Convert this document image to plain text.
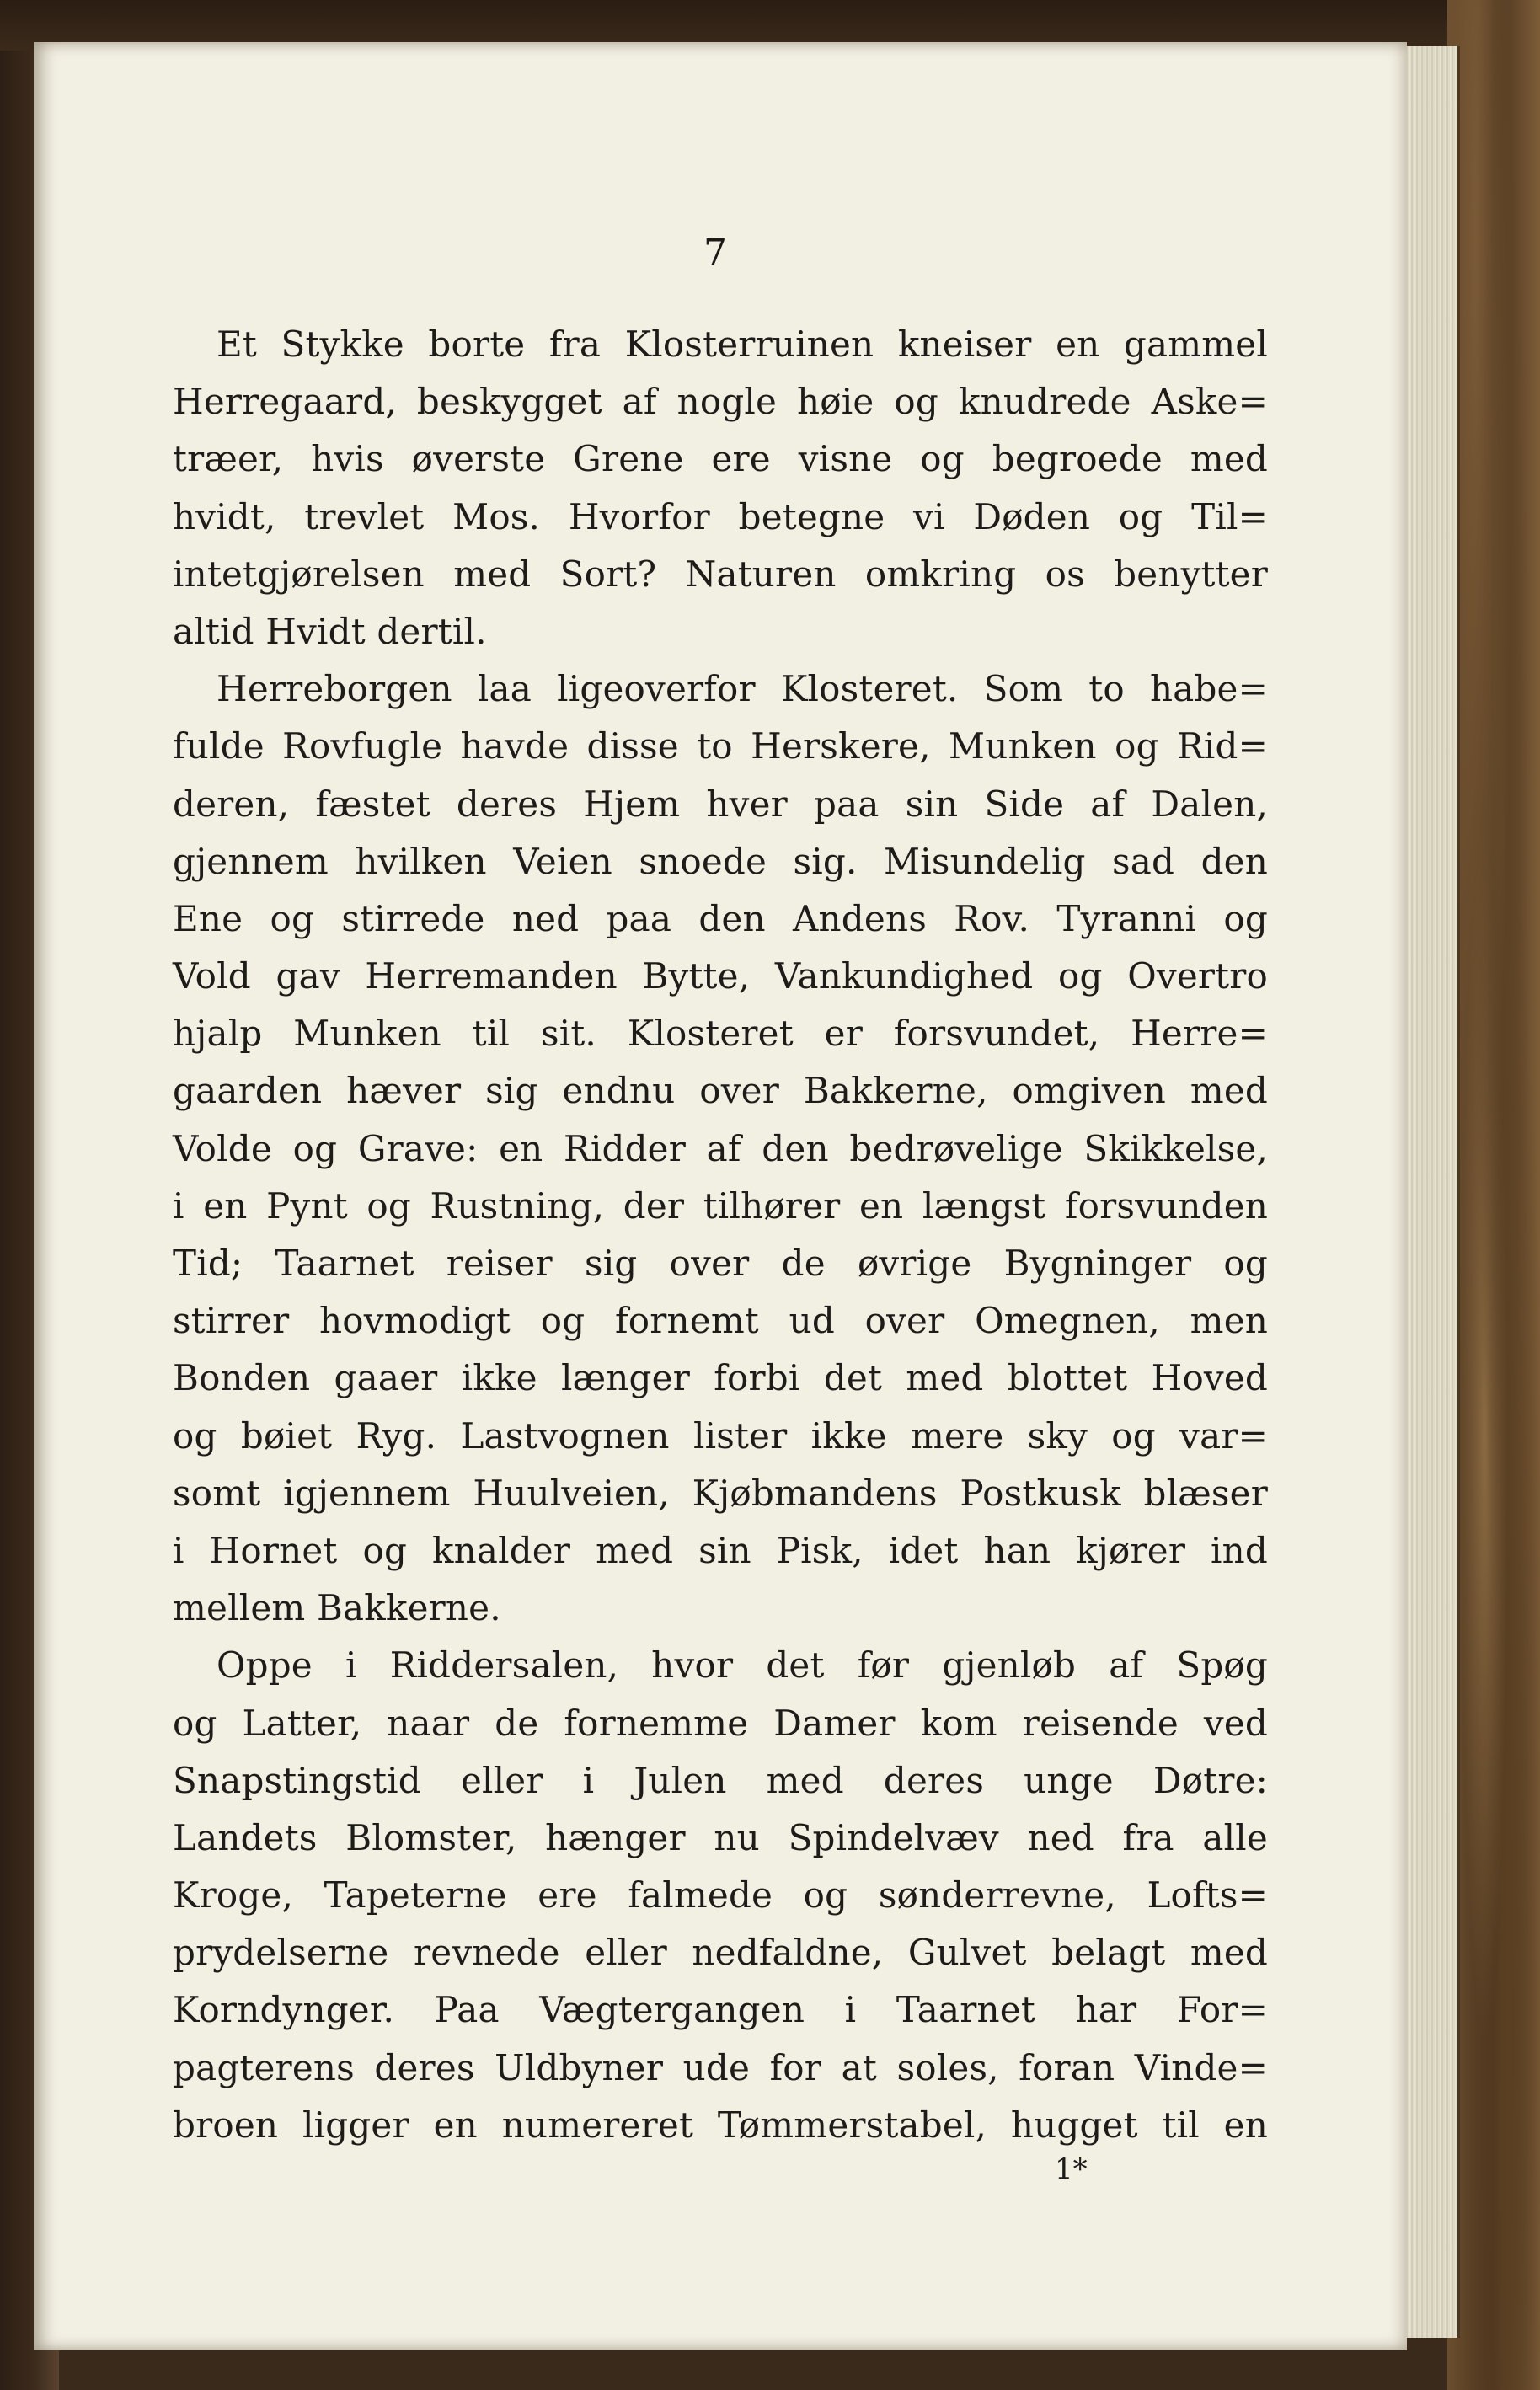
7
Et Stykke borte fra Klosterruinen kneiser en gammel
Herregaard, beskygget af nogle høie og knudrede Aske=
træer, hvis øverste Grene ere visne og begroede med
hvidt, trevlet Mos. Hvorfor betegne vi Døden og Til=
intetgjørelsen med Sort? Naturen omkring os benytter
altid Hvidt dertil.
Herreborgen laa ligeoverfor Klosteret. Som to habe=
fulde Rovfugle havde disse to Herskere, Munken og Rid=
deren, fæstet deres Hjem hver paa sin Side af Dalen,
gjennem hvilken Veien snoede sig. Misundelig sad den
Ene og stirrede ned paa den Andens Rov. Tyranni og
Vold gav Herremanden Bytte, Vankundighed og Overtro
hjalp Munken til sit. Klosteret er forsvundet, Herre=
gaarden hæver sig endnu over Bakkerne, omgiven med
Volde og Grave: en Ridder af den bedrøvelige Skikkelse,
i en Pynt og Rustning, der tilhører en længst forsvunden
Tid; Taarnet reiser sig over de øvrige Bygninger og
stirrer hovmodigt og fornemt ud over Omegnen, men
Bonden gaaer ikke længer forbi det med blottet Hoved
og bøiet Ryg. Lastvognen lister ikke mere sky og var=
somt igjennem Huulveien, Kjøbmandens Postkusk blæser
i Hornet og knalder med sin Pisk, idet han kjører ind
mellem Bakkerne.
Oppe i Riddersalen, hvor det før gjenløb af Spøg
og Latter, naar de fornemme Damer kom reisende ved
Snapstingstid eller i Julen med deres unge Døtre:
Landets Blomster, hænger nu Spindelvæv ned fra alle
Kroge, Tapeterne ere falmede og sønderrevne, Lofts=
prydelserne revnede eller nedfaldne, Gulvet belagt med
Korndynger. Paa Vægtergangen i Taarnet har For=
pagterens deres Uldbyner ude for at soles, foran Vinde=
broen ligger en numereret Tømmerstabel, hugget til en
1*
